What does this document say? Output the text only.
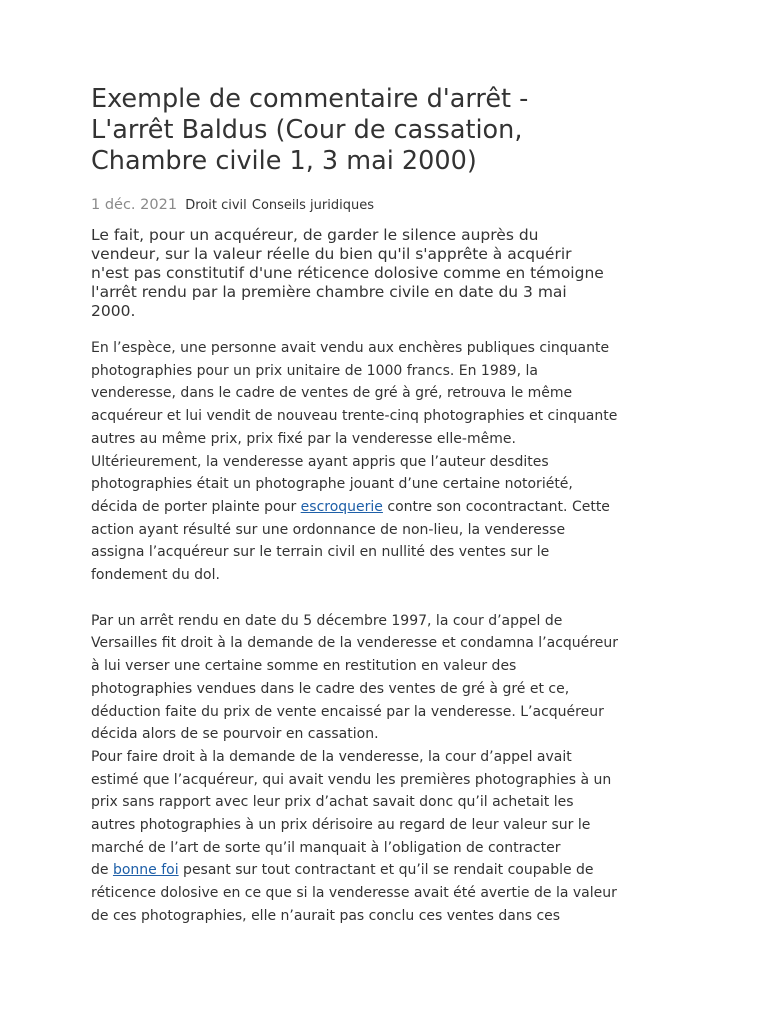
Exemple de commentaire d'arrêt -
L'arrêt Baldus (Cour de cassation,
Chambre civile 1, 3 mai 2000)
1 déc. 2021 Droit civil Conseils juridiques
Le fait, pour un acquéreur, de garder le silence auprès du
vendeur, sur la valeur réelle du bien qu'il s'apprête à acquérir
n'est pas constitutif d'une réticence dolosive comme en témoigne
l'arrêt rendu par la première chambre civile en date du 3 mai
2000.
En l’espèce, une personne avait vendu aux enchères publiques cinquante
photographies pour un prix unitaire de 1000 francs. En 1989, la
venderesse, dans le cadre de ventes de gré à gré, retrouva le même
acquéreur et lui vendit de nouveau trente-cinq photographies et cinquante
autres au même prix, prix fixé par la venderesse elle-même.
Ultérieurement, la venderesse ayant appris que l’auteur desdites
photographies était un photographe jouant d’une certaine notoriété,
décida de porter plainte pour escroquerie contre son cocontractant. Cette
action ayant résulté sur une ordonnance de non-lieu, la venderesse
assigna l’acquéreur sur le terrain civil en nullité des ventes sur le
fondement du dol.
Par un arrêt rendu en date du 5 décembre 1997, la cour d’appel de
Versailles fit droit à la demande de la venderesse et condamna l’acquéreur
à lui verser une certaine somme en restitution en valeur des
photographies vendues dans le cadre des ventes de gré à gré et ce,
déduction faite du prix de vente encaissé par la venderesse. L’acquéreur
décida alors de se pourvoir en cassation.
Pour faire droit à la demande de la venderesse, la cour d’appel avait
estimé que l’acquéreur, qui avait vendu les premières photographies à un
prix sans rapport avec leur prix d’achat savait donc qu’il achetait les
autres photographies à un prix dérisoire au regard de leur valeur sur le
marché de l’art de sorte qu’il manquait à l’obligation de contracter
de bonne foi pesant sur tout contractant et qu’il se rendait coupable de
réticence dolosive en ce que si la venderesse avait été avertie de la valeur
de ces photographies, elle n’aurait pas conclu ces ventes dans ces
